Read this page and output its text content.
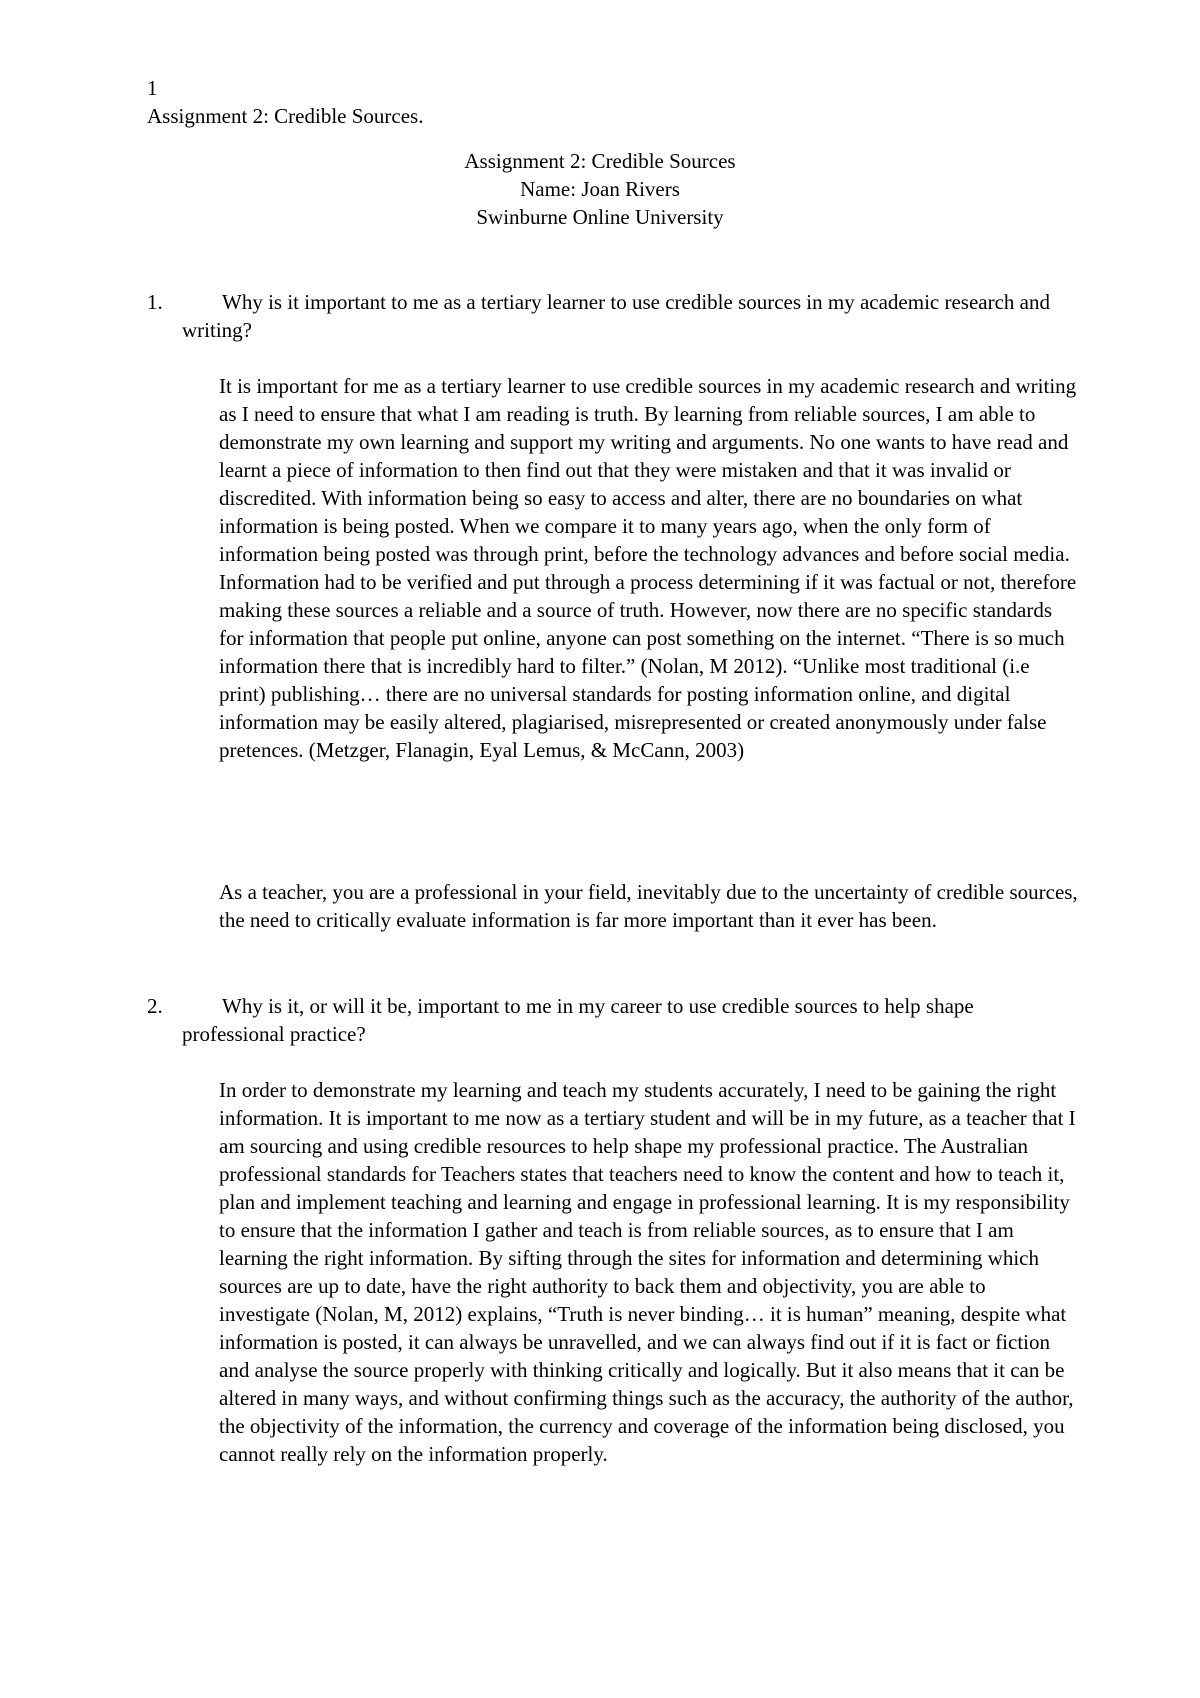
1
Assignment 2: Credible Sources.
Assignment 2: Credible Sources
Name: Joan Rivers
Swinburne Online University
1.	Why is it important to me as a tertiary learner to use credible sources in my academic research and writing?

It is important for me as a tertiary learner to use credible sources in my academic research and writing as I need to ensure that what I am reading is truth. By learning from reliable sources, I am able to demonstrate my own learning and support my writing and arguments. No one wants to have read and learnt a piece of information to then find out that they were mistaken and that it was invalid or discredited. With information being so easy to access and alter, there are no boundaries on what information is being posted. When we compare it to many years ago, when the only form of information being posted was through print, before the technology advances and before social media. Information had to be verified and put through a process determining if it was factual or not, therefore making these sources a reliable and a source of truth. However, now there are no specific standards for information that people put online, anyone can post something on the internet. “There is so much information there that is incredibly hard to filter.” (Nolan, M 2012). “Unlike most traditional (i.e print) publishing… there are no universal standards for posting information online, and digital information may be easily altered, plagiarised, misrepresented or created anonymously under false pretences. (Metzger, Flanagin, Eyal Lemus, & McCann, 2003)

As a teacher, you are a professional in your field, inevitably due to the uncertainty of credible sources, the need to critically evaluate information is far more important than it ever has been.

2.	Why is it, or will it be, important to me in my career to use credible sources to help shape professional practice?

In order to demonstrate my learning and teach my students accurately, I need to be gaining the right information. It is important to me now as a tertiary student and will be in my future, as a teacher that I am sourcing and using credible resources to help shape my professional practice. The Australian professional standards for Teachers states that teachers need to know the content and how to teach it, plan and implement teaching and learning and engage in professional learning. It is my responsibility to ensure that the information I gather and teach is from reliable sources, as to ensure that I am learning the right information. By sifting through the sites for information and determining which sources are up to date, have the right authority to back them and objectivity, you are able to investigate (Nolan, M, 2012) explains, “Truth is never binding… it is human” meaning, despite what information is posted, it can always be unravelled, and we can always find out if it is fact or fiction and analyse the source properly with thinking critically and logically. But it also means that it can be altered in many ways, and without confirming things such as the accuracy, the authority of the author, the objectivity of the information, the currency and coverage of the information being disclosed, you cannot really rely on the information properly.
